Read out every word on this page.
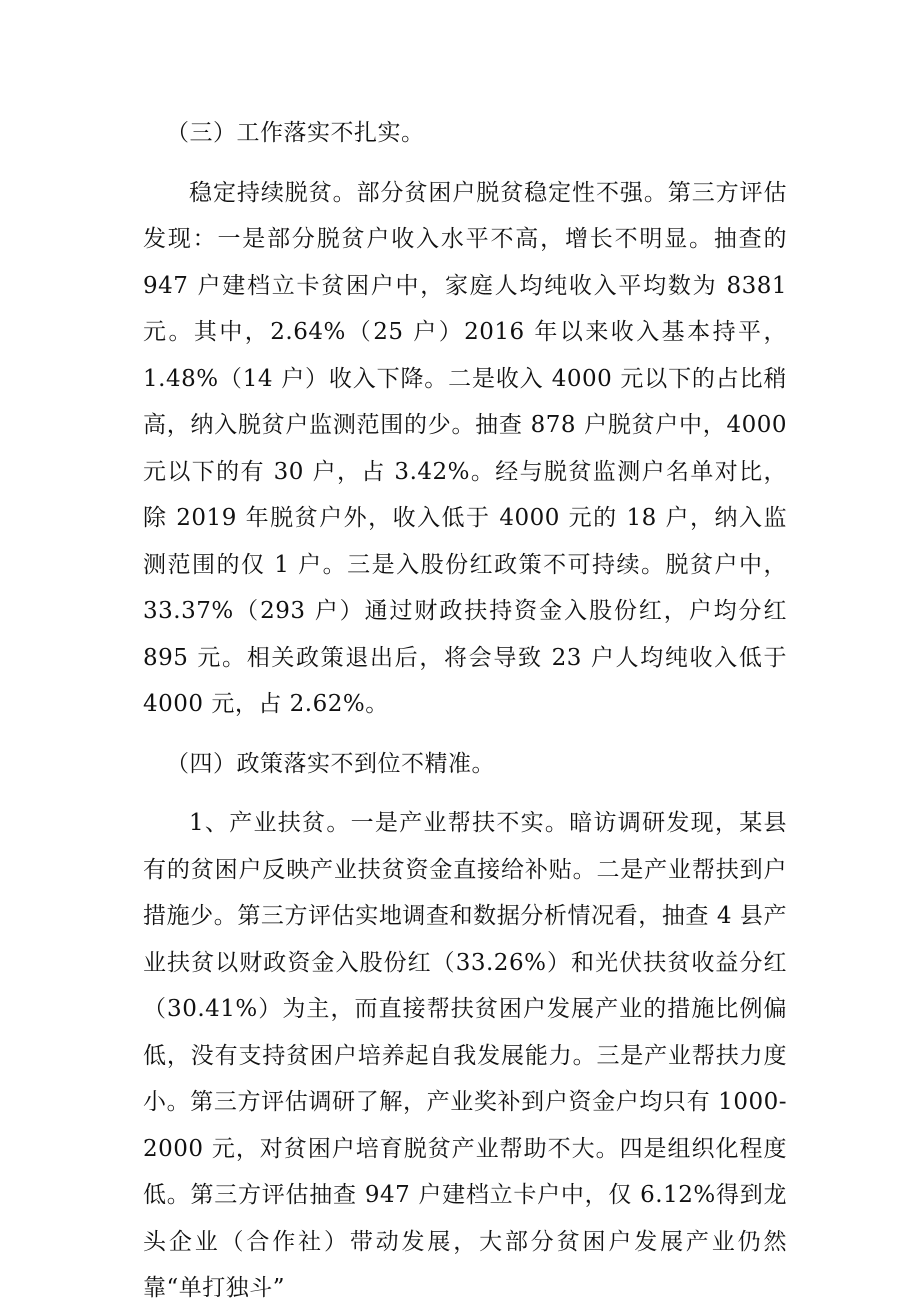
（三）工作落实不扎实。

稳定持续脱贫。部分贫困户脱贫稳定性不强。第三方评估发现：一是部分脱贫户收入水平不高，增长不明显。抽查的 947 户建档立卡贫困户中，家庭人均纯收入平均数为 8381 元。其中，2.64%（25 户）2016 年以来收入基本持平，1.48%（14 户）收入下降。二是收入 4000 元以下的占比稍高，纳入脱贫户监测范围的少。抽查 878 户脱贫户中，4000 元以下的有 30 户，占 3.42%。经与脱贫监测户名单对比，除 2019 年脱贫户外，收入低于 4000 元的 18 户，纳入监测范围的仅 1 户。三是入股份红政策不可持续。脱贫户中，33.37%（293 户）通过财政扶持资金入股份红，户均分红 895 元。相关政策退出后，将会导致 23 户人均纯收入低于 4000 元，占 2.62%。

（四）政策落实不到位不精准。

1、产业扶贫。一是产业帮扶不实。暗访调研发现，某县有的贫困户反映产业扶贫资金直接给补贴。二是产业帮扶到户措施少。第三方评估实地调查和数据分析情况看，抽查 4 县产业扶贫以财政资金入股份红（33.26%）和光伏扶贫收益分红（30.41%）为主，而直接帮扶贫困户发展产业的措施比例偏低，没有支持贫困户培养起自我发展能力。三是产业帮扶力度小。第三方评估调研了解，产业奖补到户资金户均只有 1000-2000 元，对贫困户培育脱贫产业帮助不大。四是组织化程度低。第三方评估抽查 947 户建档立卡户中，仅 6.12%得到龙头企业（合作社）带动发展，大部分贫困户发展产业仍然靠“单打独斗”
